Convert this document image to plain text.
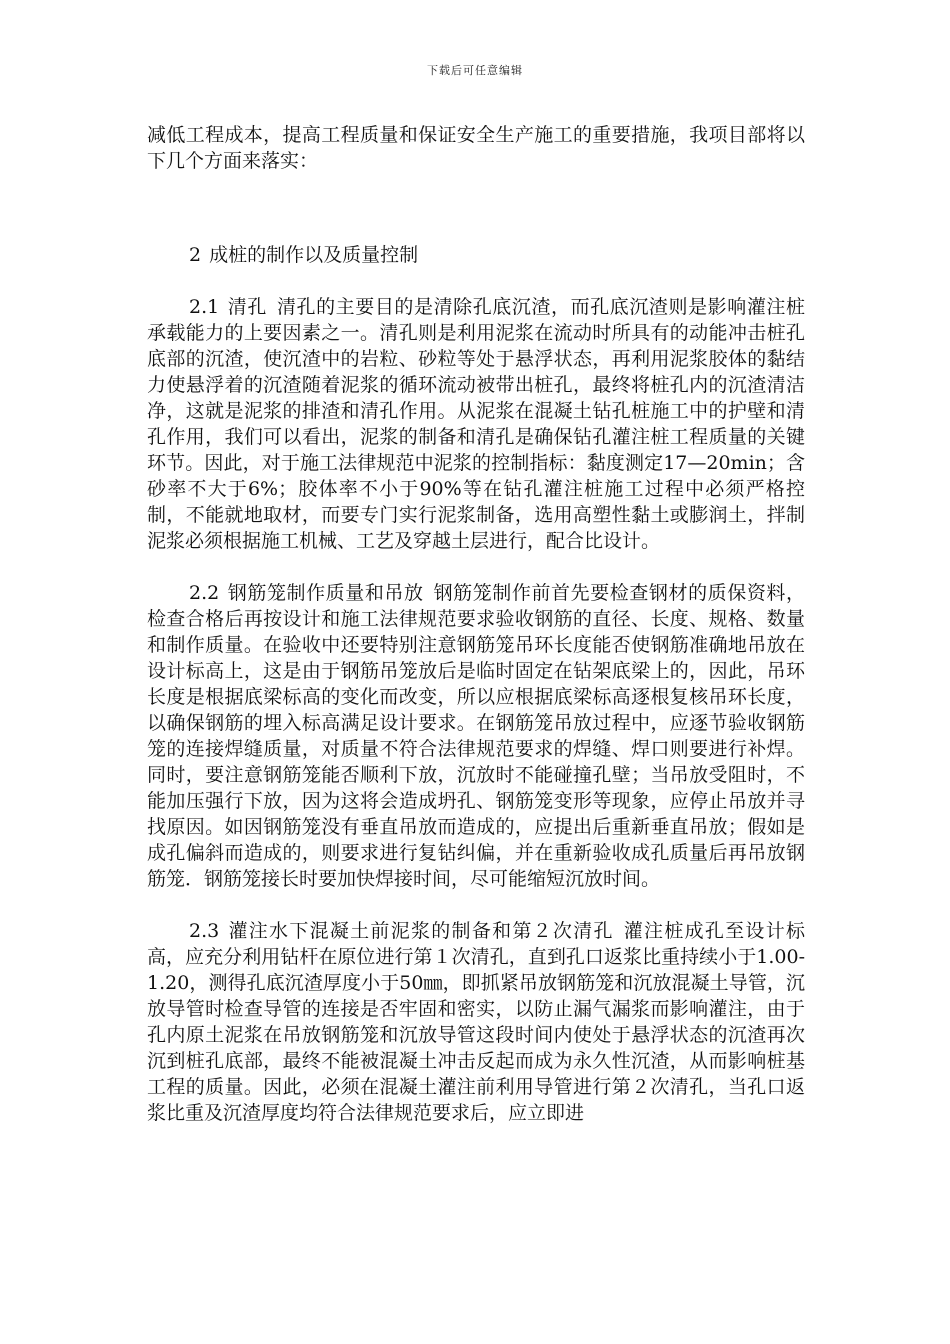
下载后可任意编辑

减低工程成本，提高工程质量和保证安全生产施工的重要措施，我项目部将以下几个方面来落实：

2 成桩的制作以及质量控制

2.1 清孔 清孔的主要目的是清除孔底沉渣，而孔底沉渣则是影响灌注桩承载能力的上要因素之一。清孔则是利用泥浆在流动时所具有的动能冲击桩孔底部的沉渣，使沉渣中的岩粒、砂粒等处于悬浮状态，再利用泥浆胶体的黏结力使悬浮着的沉渣随着泥浆的循环流动被带出桩孔，最终将桩孔内的沉渣清洁净，这就是泥浆的排渣和清孔作用。从泥浆在混凝土钻孔桩施工中的护壁和清孔作用，我们可以看出，泥浆的制备和清孔是确保钻孔灌注桩工程质量的关键环节。因此，对于施工法律规范中泥浆的控制指标：黏度测定17—20min；含砂率不大于6%；胶体率不小于90%等在钻孔灌注桩施工过程中必须严格控制，不能就地取材，而要专门实行泥浆制备，选用高塑性黏土或膨润土，拌制泥浆必须根据施工机械、工艺及穿越土层进行，配合比设计。

2.2 钢筋笼制作质量和吊放 钢筋笼制作前首先要检查钢材的质保资料，检查合格后再按设计和施工法律规范要求验收钢筋的直径、长度、规格、数量和制作质量。在验收中还要特别注意钢筋笼吊环长度能否使钢筋准确地吊放在设计标高上，这是由于钢筋吊笼放后是临时固定在钻架底梁上的，因此，吊环长度是根据底梁标高的变化而改变，所以应根据底梁标高逐根复核吊环长度，以确保钢筋的埋入标高满足设计要求。在钢筋笼吊放过程中，应逐节验收钢筋笼的连接焊缝质量，对质量不符合法律规范要求的焊缝、焊口则要进行补焊。同时，要注意钢筋笼能否顺利下放，沉放时不能碰撞孔壁；当吊放受阻时，不能加压强行下放，因为这将会造成坍孔、钢筋笼变形等现象，应停止吊放并寻找原因。如因钢筋笼没有垂直吊放而造成的，应提出后重新垂直吊放；假如是成孔偏斜而造成的，则要求进行复钻纠偏，并在重新验收成孔质量后再吊放钢筋笼．钢筋笼接长时要加快焊接时间，尽可能缩短沉放时间。

2.3 灌注水下混凝土前泥浆的制备和第２次清孔 灌注桩成孔至设计标高，应充分利用钻杆在原位进行第１次清孔，直到孔口返浆比重持续小于1.00-1.20，测得孔底沉渣厚度小于50㎜，即抓紧吊放钢筋笼和沉放混凝土导管，沉放导管时检查导管的连接是否牢固和密实，以防止漏气漏浆而影响灌注，由于孔内原土泥浆在吊放钢筋笼和沉放导管这段时间内使处于悬浮状态的沉渣再次沉到桩孔底部，最终不能被混凝土冲击反起而成为永久性沉渣，从而影响桩基工程的质量。因此，必须在混凝土灌注前利用导管进行第２次清孔，当孔口返浆比重及沉渣厚度均符合法律规范要求后，应立即进
